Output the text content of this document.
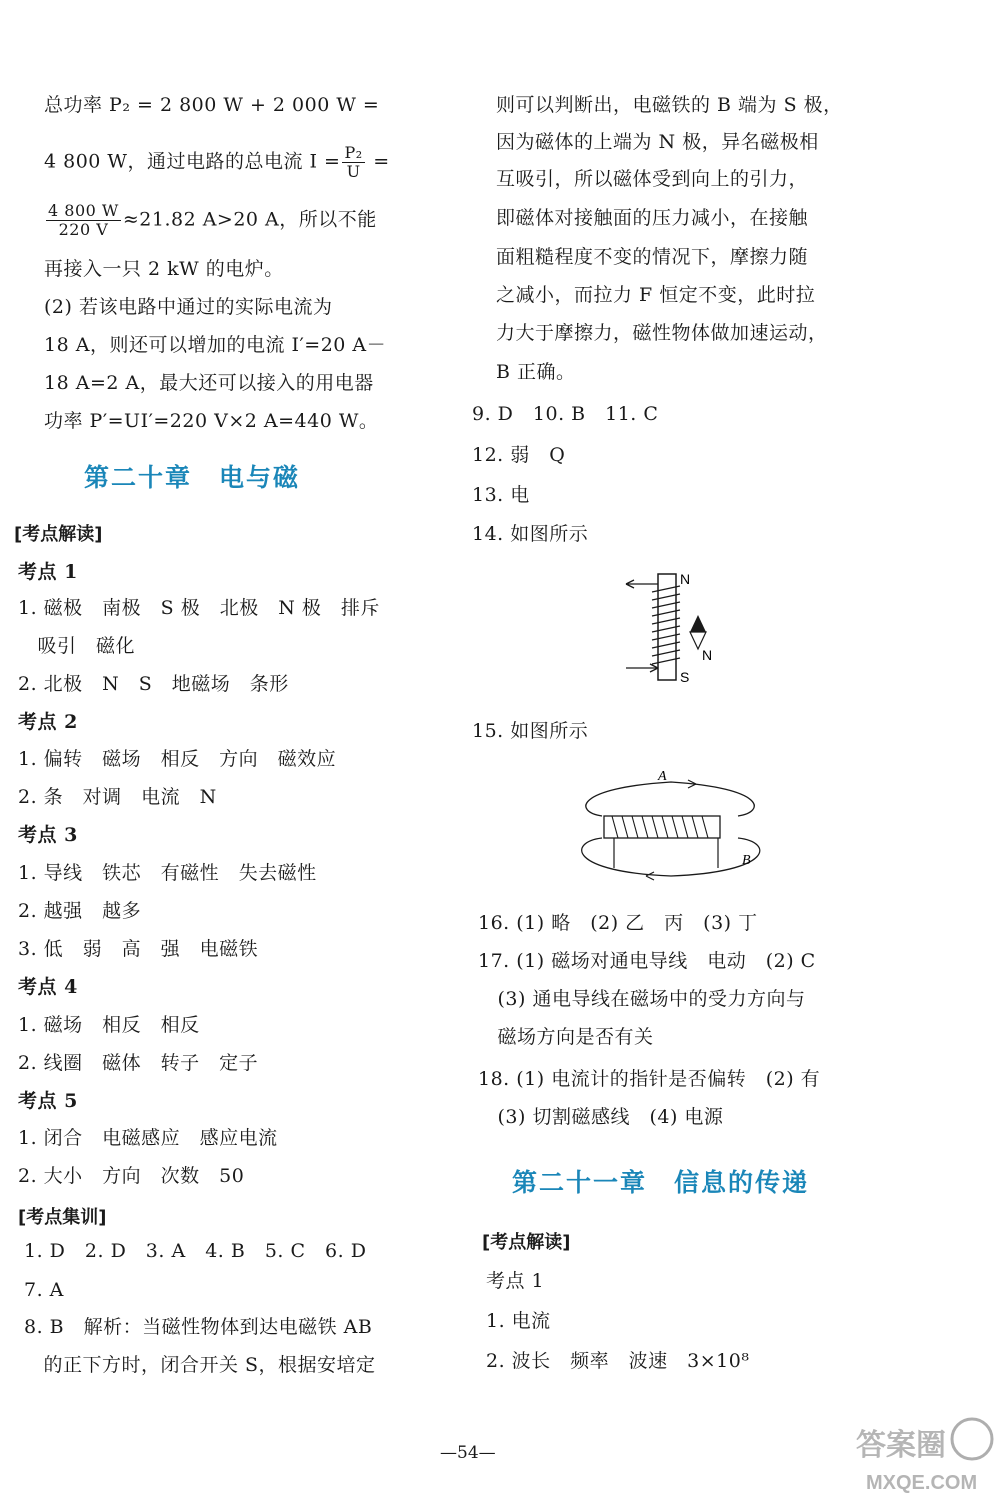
总功率 P₂ = 2 800 W + 2 000 W =
4 800 W，通过电路的总电流 $I = \frac{\text{P₂}}{U}$ =
$\frac{4 800 W}{220 V} \approx 21.82$ A>20 A，所以不能
再接入一只 2 kW 的电炉。
(2) 若该电路中通过的实际电流为
18 A，则还可以增加的电流 I′=20 A－
18 A=2 A，最大还可以接入的用电器
功率 P′=UI′=220 V×2 A=440 W。
第二十章　电与磁
[考点解读]
考点 1
1. 磁极　南极　S 极　北极　N 极　排斥
　吸引　磁化
2. 北极　N　S　地磁场　条形
考点 2
1. 偏转　磁场　相反　方向　磁效应
2. 条　对调　电流　N
考点 3
1. 导线　铁芯　有磁性　失去磁性
2. 越强　越多
3. 低　弱　高　强　电磁铁
考点 4
1. 磁场　相反　相反
2. 线圈　磁体　转子　定子
考点 5
1. 闭合　电磁感应　感应电流
2. 大小　方向　次数　50
[考点集训]
1. D　2. D　3. A　4. B　5. C　6. D
7. A
8. B　解析：当磁性物体到达电磁铁 AB
　的正下方时，闭合开关 S，根据安培定
则可以判断出，电磁铁的 B 端为 S 极，
因为磁体的上端为 N 极，异名磁极相
互吸引，所以磁体受到向上的引力，
即磁体对接触面的压力减小，在接触
面粗糙程度不变的情况下，摩擦力随
之减小，而拉力 F 恒定不变，此时拉
力大于摩擦力，磁性物体做加速运动，
B 正确。
9. D　10. B　11. C
12. 弱　Q
13. 电
14. 如图所示
N
S
N
15. 如图所示
A
B
16. (1) 略　(2) 乙　丙　(3) 丁
17. (1) 磁场对通电导线　电动　(2) C
　(3) 通电导线在磁场中的受力方向与
　磁场方向是否有关
18. (1) 电流计的指针是否偏转　(2) 有
　(3) 切割磁感线　(4) 电源
第二十一章　信息的传递
[考点解读]
考点 1
1. 电流
2. 波长　频率　波速　3×10⁸
—54—	答案圈
MXQE.COM
